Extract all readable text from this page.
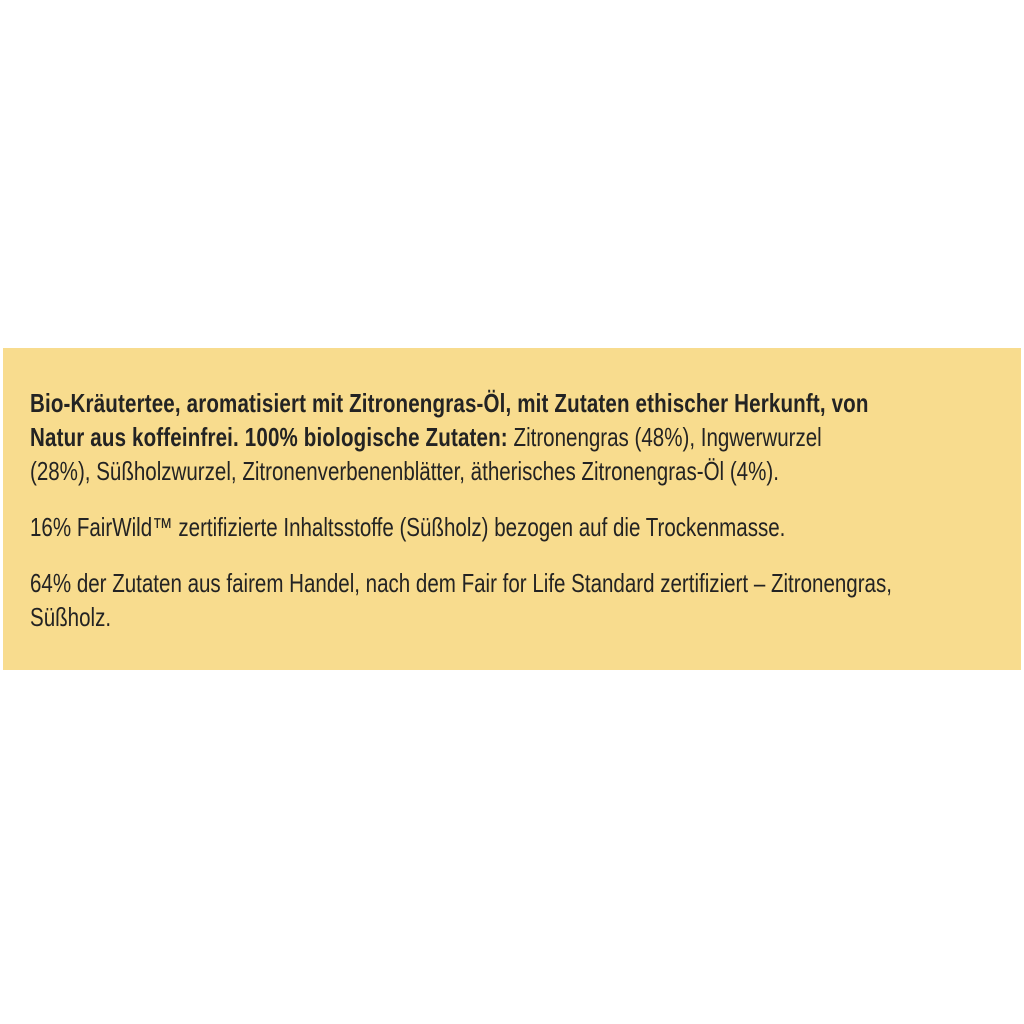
Bio-Kräutertee, aromatisiert mit Zitronengras-Öl, mit Zutaten ethischer Herkunft, von
Natur aus koffeinfrei. 100% biologische Zutaten: Zitronengras (48%), Ingwerwurzel
(28%), Süßholzwurzel, Zitronenverbenenblätter, ätherisches Zitronengras-Öl (4%).
16% FairWild™ zertifizierte Inhaltsstoffe (Süßholz) bezogen auf die Trockenmasse.
64% der Zutaten aus fairem Handel, nach dem Fair for Life Standard zertifiziert – Zitronengras,
Süßholz.
